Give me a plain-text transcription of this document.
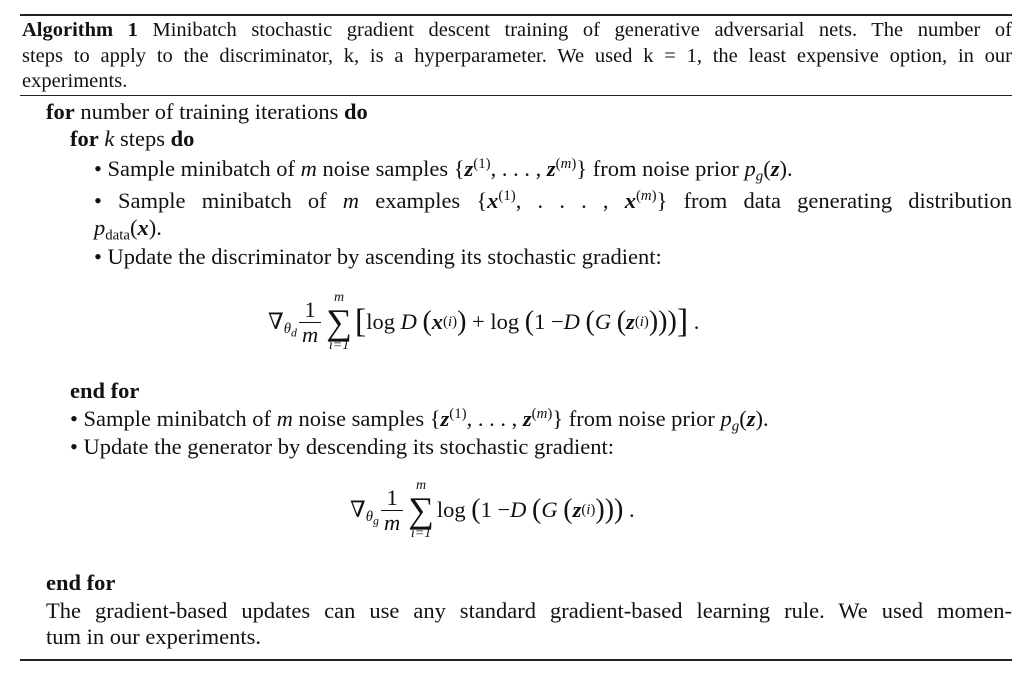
Algorithm 1 Minibatch stochastic gradient descent training of generative adversarial nets. The number of
steps to apply to the discriminator, k, is a hyperparameter. We used k = 1, the least expensive option, in our
experiments.
for number of training iterations do
for k steps do
• Sample minibatch of m noise samples {$z^{(1)}$, . . . , $z^{(m)}$} from noise prior $p_g(z)$.
• Sample minibatch of m examples {$x^{(1)}$, . . . , $x^{(m)}$} from data generating distribution
$p_{data}(x)$.
• Update the discriminator by ascending its stochastic gradient:
$\nabla_{\theta_d} \frac{1}{m}$ m
∑
i=1
[ log D
( x (i) ) + log ( 1 − D
( G
( z (i) ))) ] .
end for
• Sample minibatch of m noise samples {$z^{(1)}$, . . . , $z^{(m)}$} from noise prior $p_g(z)$.
• Update the generator by descending its stochastic gradient:
$\nabla_{\theta_g} \frac{1}{m}$ m
∑
i=1
log ( 1 − D
( G
( z (i) ))) .
end for
The gradient-based updates can use any standard gradient-based learning rule. We used momen-
tum in our experiments.
